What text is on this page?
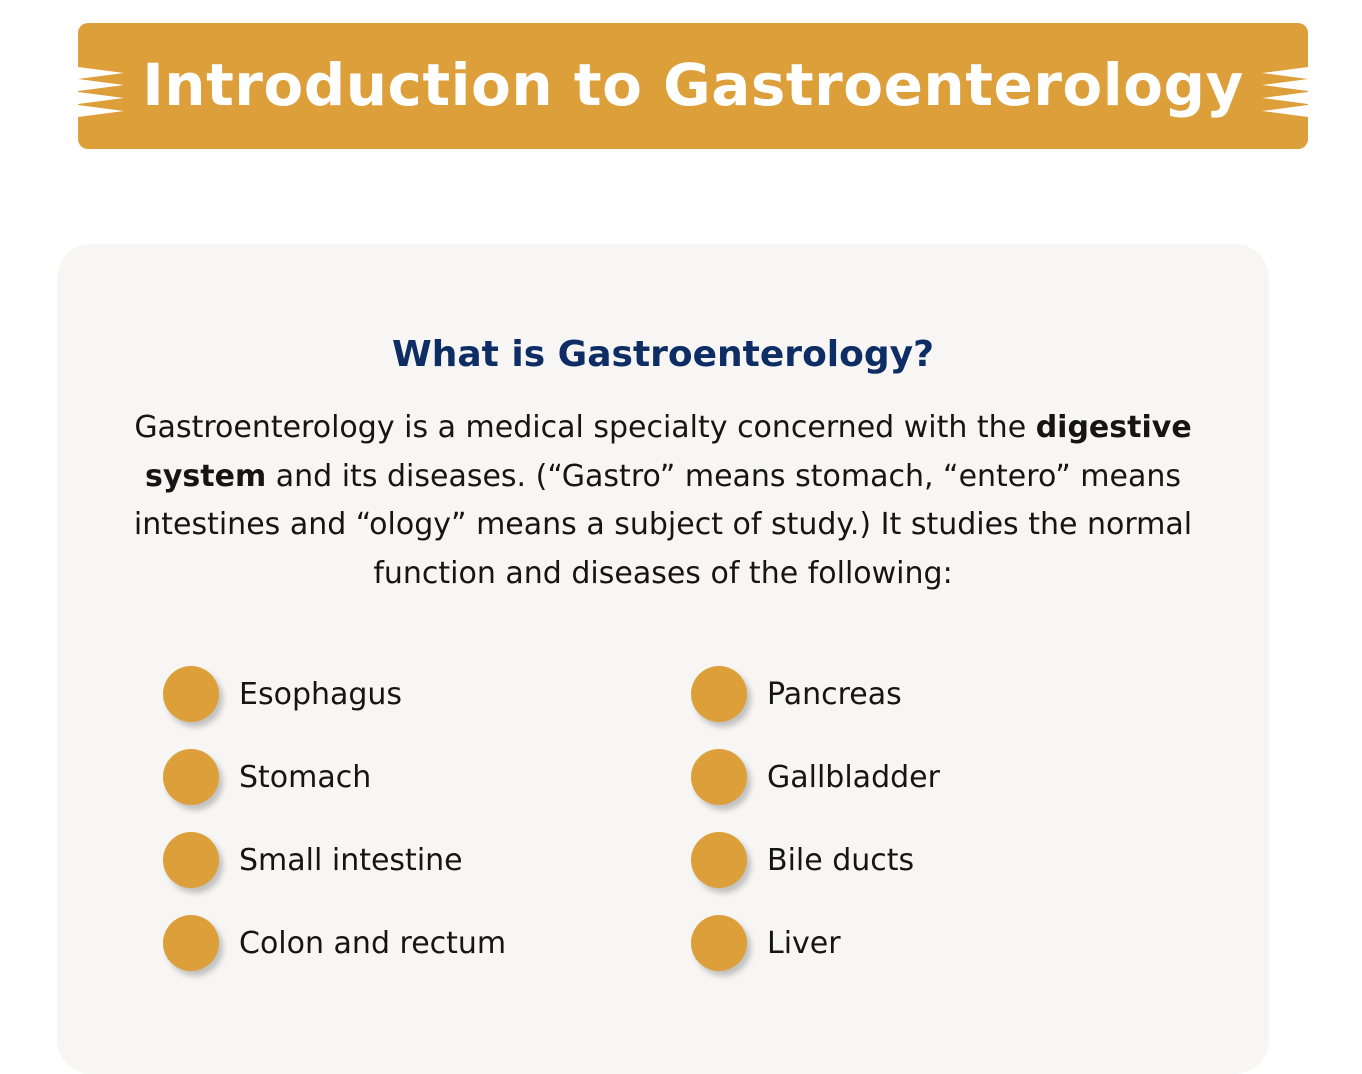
Introduction to Gastroenterology
What is Gastroenterology?

Gastroenterology is a medical specialty concerned with the digestive system and its diseases. (“Gastro” means stomach, “entero” means intestines and “ology” means a subject of study.) It studies the normal function and diseases of the following:

Esophagus
Stomach
Small intestine
Colon and rectum
Pancreas
Gallbladder
Bile ducts
Liver
